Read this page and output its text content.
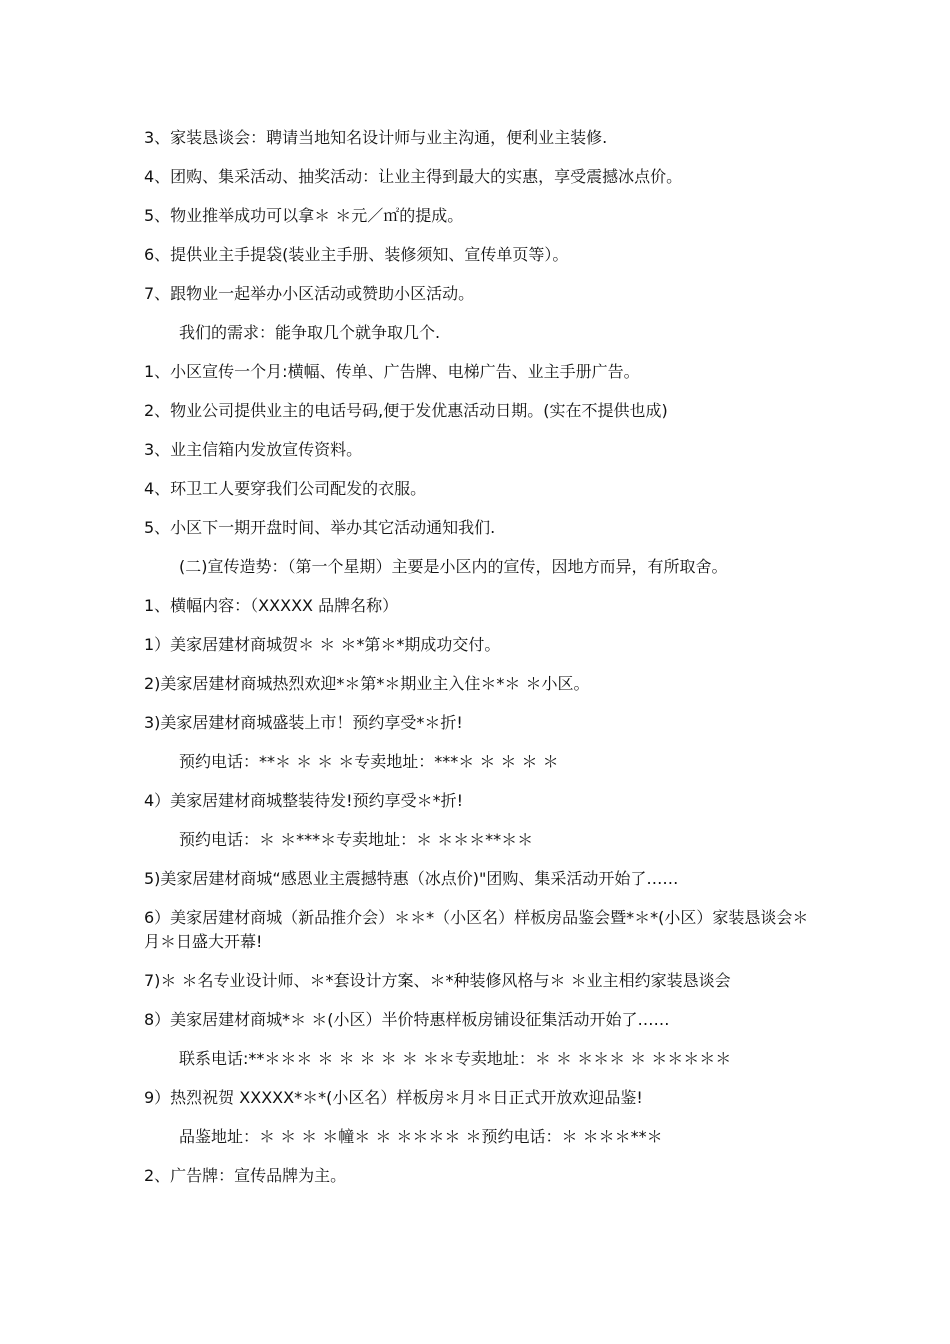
3、家装恳谈会：聘请当地知名设计师与业主沟通，便利业主装修.
4、团购、集采活动、抽奖活动：让业主得到最大的实惠，享受震撼冰点价。
5、物业推举成功可以拿＊ ＊元／㎡的提成。
6、提供业主手提袋(装业主手册、装修须知、宣传单页等）。
7、跟物业一起举办小区活动或赞助小区活动。
我们的需求：能争取几个就争取几个.
1、小区宣传一个月:横幅、传单、广告牌、电梯广告、业主手册广告。
2、物业公司提供业主的电话号码,便于发优惠活动日期。(实在不提供也成)
3、业主信箱内发放宣传资料。
4、环卫工人要穿我们公司配发的衣服。
5、小区下一期开盘时间、举办其它活动通知我们.
(二)宣传造势：（第一个星期）主要是小区内的宣传，因地方而异，有所取舍。
1、横幅内容：（XXXXX 品牌名称）
1）美家居建材商城贺＊ ＊ ＊*第＊*期成功交付。
2)美家居建材商城热烈欢迎*＊第*＊期业主入住＊*＊ ＊小区。
3)美家居建材商城盛装上市！预约享受*＊折!
预约电话：**＊ ＊ ＊ ＊专卖地址：***＊ ＊ ＊ ＊ ＊
4）美家居建材商城整装待发!预约享受＊*折!
预约电话：＊ ＊***＊专卖地址：＊ ＊＊＊**＊＊
5)美家居建材商城“感恩业主震撼特惠（冰点价)"团购、集采活动开始了……
6）美家居建材商城（新品推介会）＊＊*（小区名）样板房品鉴会暨*＊*(小区）家装恳谈会＊月＊日盛大开幕!
7)＊ ＊名专业设计师、＊*套设计方案、＊*种装修风格与＊ ＊业主相约家装恳谈会
8）美家居建材商城*＊ ＊(小区）半价特惠样板房铺设征集活动开始了……
联系电话:**＊＊＊ ＊ ＊ ＊ ＊ ＊ ＊＊专卖地址：＊ ＊ ＊＊＊ ＊ ＊＊＊＊＊
9）热烈祝贺 XXXXX*＊*(小区名）样板房＊月＊日正式开放欢迎品鉴!
品鉴地址：＊ ＊ ＊ ＊幢＊ ＊ ＊＊＊＊ ＊预约电话：＊ ＊＊＊**＊
2、广告牌：宣传品牌为主。
